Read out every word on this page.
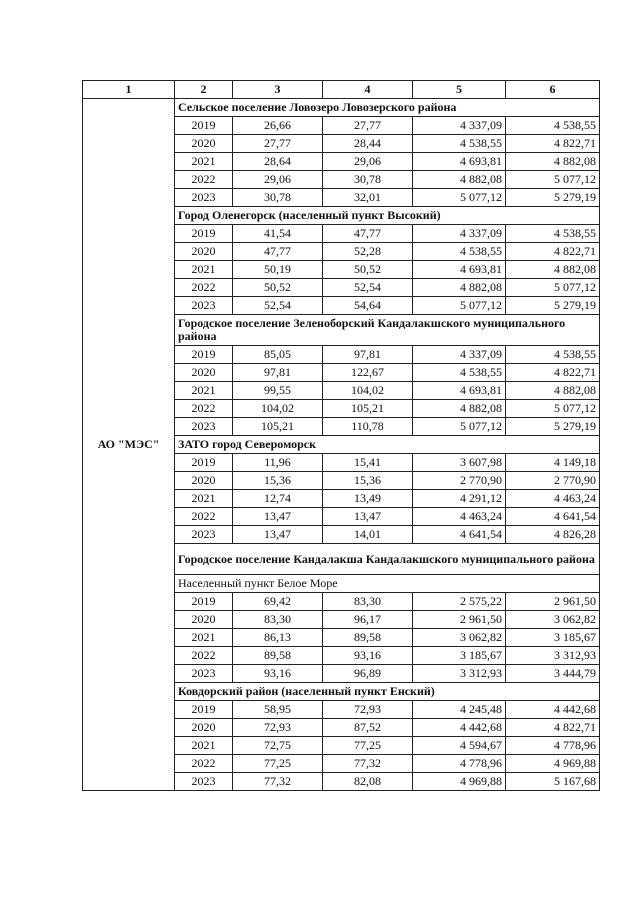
1	2	3	4	5	6
АО "МЭС"	Сельское поселение Ловозеро Ловозерского района				
	2019	26,66	27,77	4 337,09	4 538,55
	2020	27,77	28,44	4 538,55	4 822,71
	2021	28,64	29,06	4 693,81	4 882,08
	2022	29,06	30,78	4 882,08	5 077,12
	2023	30,78	32,01	5 077,12	5 279,19
	Город Оленегорск (населенный пункт Высокий)				
	2019	41,54	47,77	4 337,09	4 538,55
	2020	47,77	52,28	4 538,55	4 822,71
	2021	50,19	50,52	4 693,81	4 882,08
	2022	50,52	52,54	4 882,08	5 077,12
	2023	52,54	54,64	5 077,12	5 279,19
	Городское поселение Зеленоборский Кандалакшского муниципального района				
	2019	85,05	97,81	4 337,09	4 538,55
	2020	97,81	122,67	4 538,55	4 822,71
	2021	99,55	104,02	4 693,81	4 882,08
	2022	104,02	105,21	4 882,08	5 077,12
	2023	105,21	110,78	5 077,12	5 279,19
	ЗАТО город Североморск				
	2019	11,96	15,41	3 607,98	4 149,18
	2020	15,36	15,36	2 770,90	2 770,90
	2021	12,74	13,49	4 291,12	4 463,24
	2022	13,47	13,47	4 463,24	4 641,54
	2023	13,47	14,01	4 641,54	4 826,28
	Городское поселение Кандалакша Кандалакшского муниципального района				
	Населенный пункт Белое Море				
	2019	69,42	83,30	2 575,22	2 961,50
	2020	83,30	96,17	2 961,50	3 062,82
	2021	86,13	89,58	3 062,82	3 185,67
	2022	89,58	93,16	3 185,67	3 312,93
	2023	93,16	96,89	3 312,93	3 444,79
	Ковдорский район (населенный пункт Енский)				
	2019	58,95	72,93	4 245,48	4 442,68
	2020	72,93	87,52	4 442,68	4 822,71
	2021	72,75	77,25	4 594,67	4 778,96
	2022	77,25	77,32	4 778,96	4 969,88
	2023	77,32	82,08	4 969,88	5 167,68
